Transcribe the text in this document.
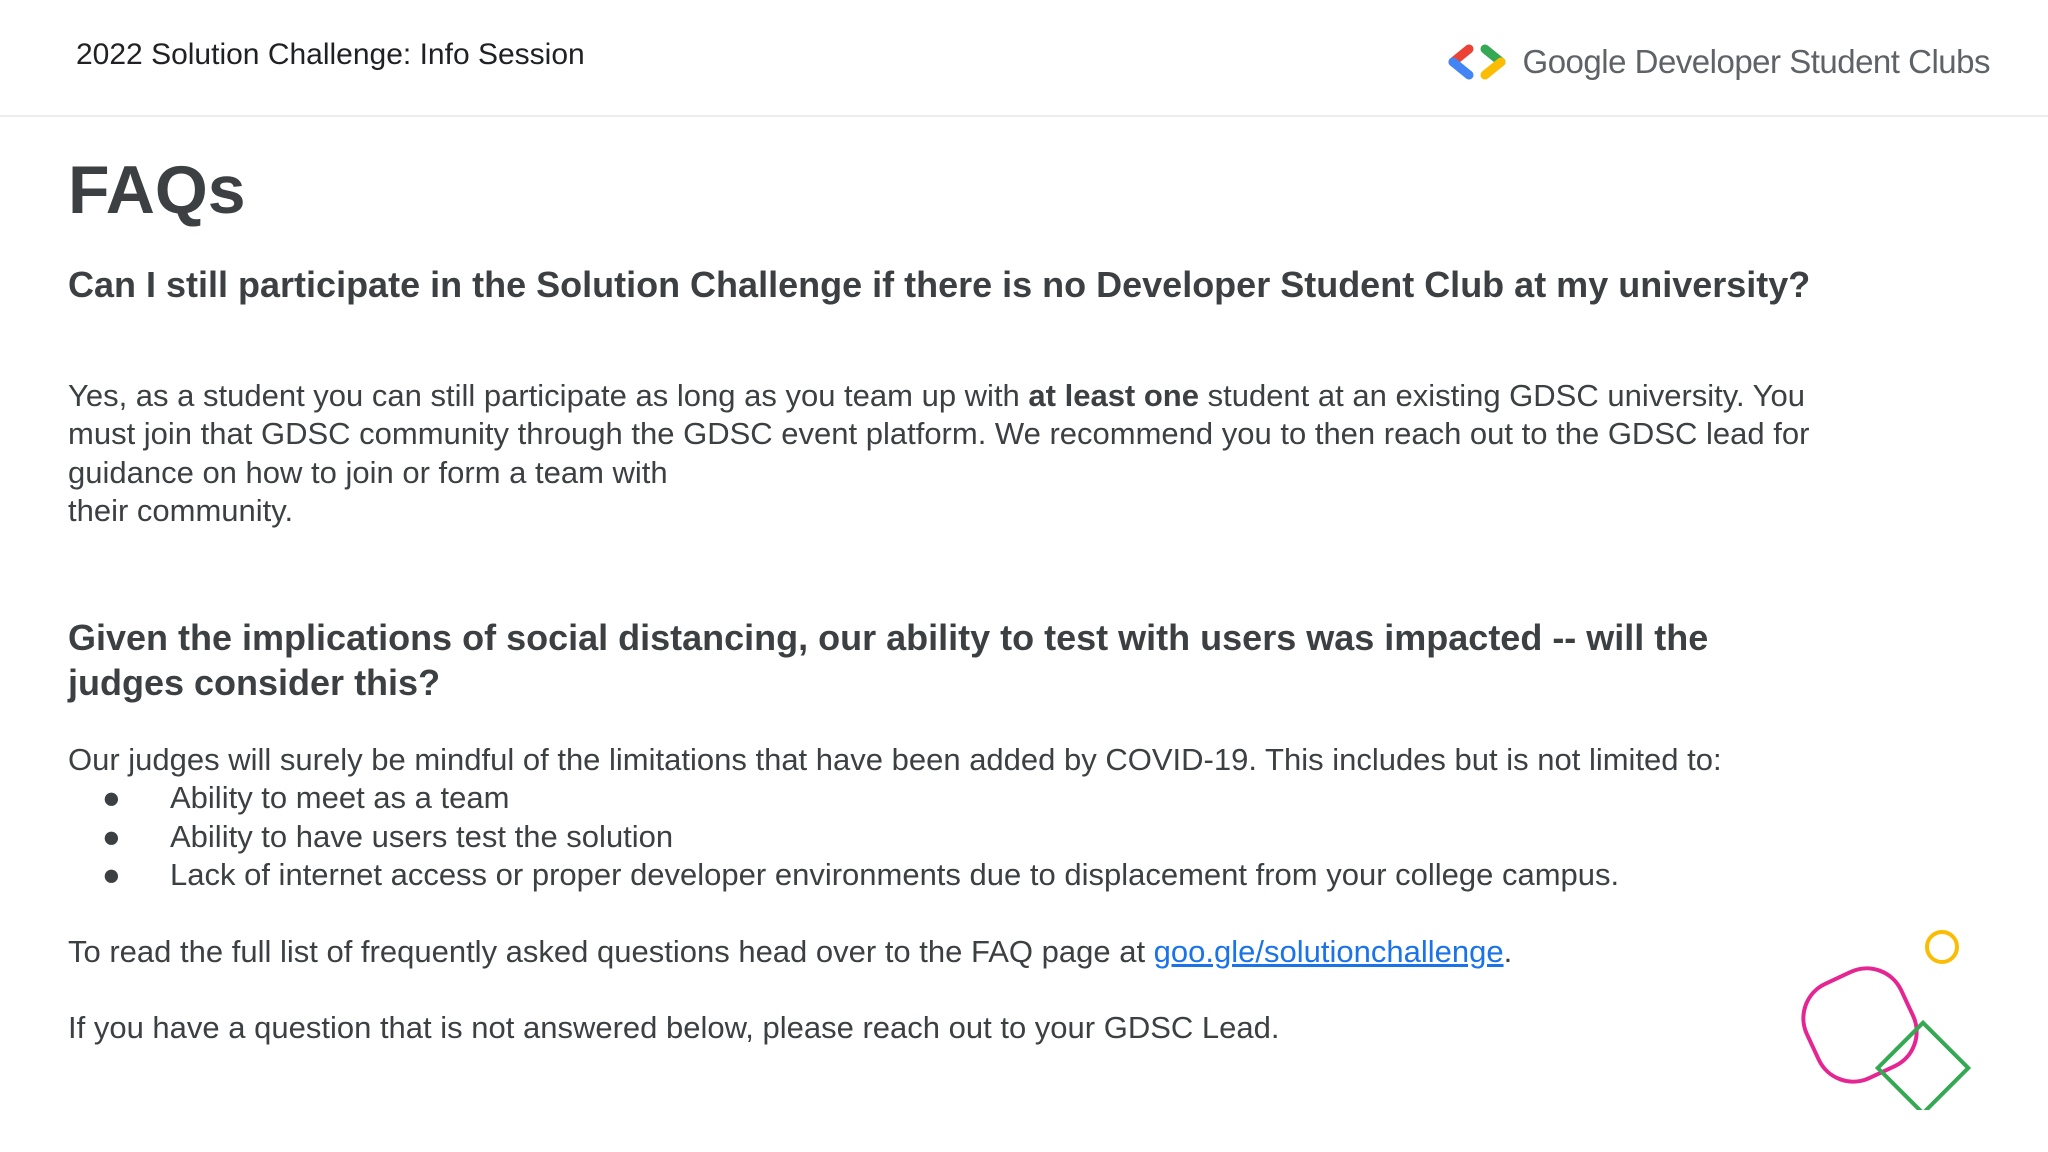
2022 Solution Challenge: Info Session	Google Developer Student Clubs
FAQs

Can I still participate in the Solution Challenge if there is no Developer Student Club at my university?

Yes, as a student you can still participate as long as you team up with at least one student at an existing GDSC university. You must join that GDSC community through the GDSC event platform. We recommend you to then reach out to the GDSC lead for guidance on how to join or form a team with
their community.

Given the implications of social distancing, our ability to test with users was impacted -- will the judges consider this?

Our judges will surely be mindful of the limitations that have been added by COVID-19. This includes but is not limited to:

● Ability to meet as a team
● Ability to have users test the solution
● Lack of internet access or proper developer environments due to displacement from your college campus.

To read the full list of frequently asked questions head over to the FAQ page at goo.gle/solutionchallenge.

If you have a question that is not answered below, please reach out to your GDSC Lead.
